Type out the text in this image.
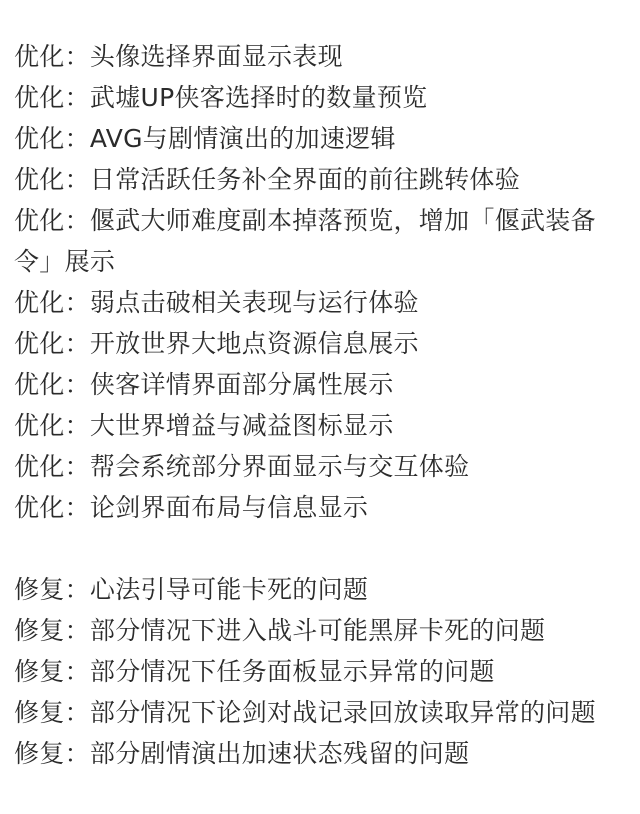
优化：头像选择界面显示表现

优化：武墟UP侠客选择时的数量预览

优化：AVG与剧情演出的加速逻辑

优化：日常活跃任务补全界面的前往跳转体验

优化：偃武大师难度副本掉落预览，增加「偃武装备令」展示

优化：弱点击破相关表现与运行体验

优化：开放世界大地点资源信息展示

优化：侠客详情界面部分属性展示

优化：大世界增益与减益图标显示

优化：帮会系统部分界面显示与交互体验

优化：论剑界面布局与信息显示

修复：心法引导可能卡死的问题

修复：部分情况下进入战斗可能黑屏卡死的问题

修复：部分情况下任务面板显示异常的问题

修复：部分情况下论剑对战记录回放读取异常的问题

修复：部分剧情演出加速状态残留的问题
